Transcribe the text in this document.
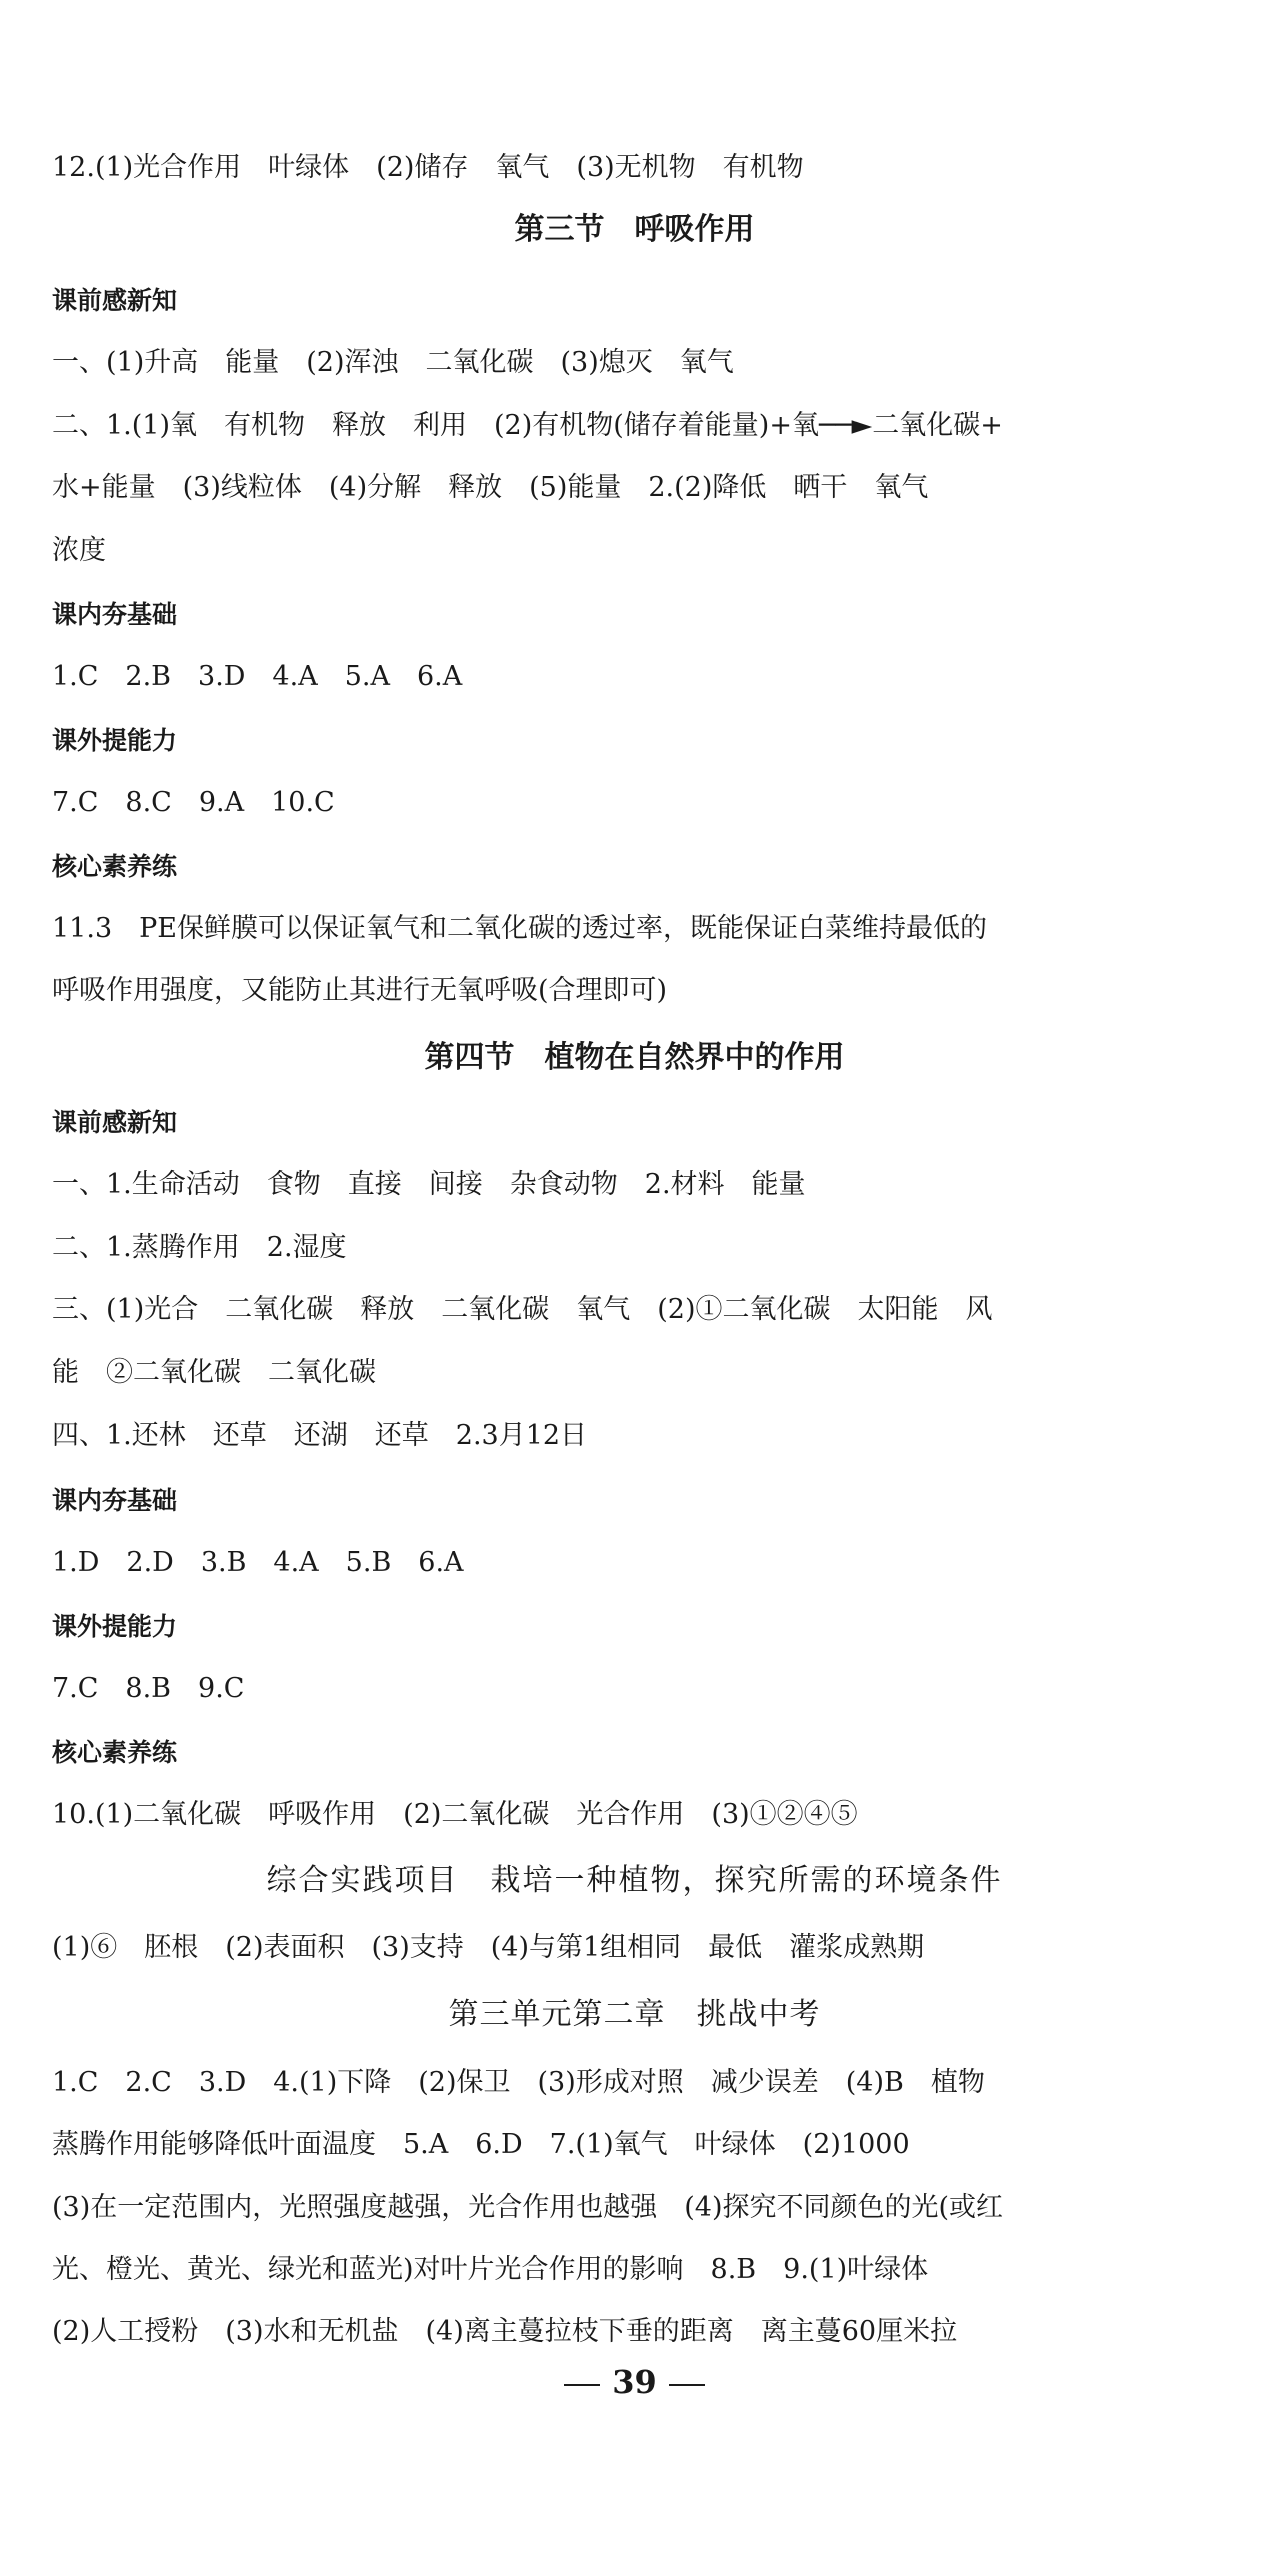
12.(1)光合作用　叶绿体　(2)储存　氧气　(3)无机物　有机物
第三节　呼吸作用
课前感新知
一、(1)升高　能量　(2)浑浊　二氧化碳　(3)熄灭　氧气
二、1.(1)氧　有机物　释放　利用　(2)有机物(储存着能量)+氧──►二氧化碳+
水+能量　(3)线粒体　(4)分解　释放　(5)能量　2.(2)降低　晒干　氧气
浓度
课内夯基础
1.C　2.B　3.D　4.A　5.A　6.A
课外提能力
7.C　8.C　9.A　10.C
核心素养练
11.3　PE保鲜膜可以保证氧气和二氧化碳的透过率，既能保证白菜维持最低的
呼吸作用强度，又能防止其进行无氧呼吸(合理即可)
第四节　植物在自然界中的作用
课前感新知
一、1.生命活动　食物　直接　间接　杂食动物　2.材料　能量
二、1.蒸腾作用　2.湿度
三、(1)光合　二氧化碳　释放　二氧化碳　氧气　(2)①二氧化碳　太阳能　风
能　②二氧化碳　二氧化碳
四、1.还林　还草　还湖　还草　2.3月12日
课内夯基础
1.D　2.D　3.B　4.A　5.B　6.A
课外提能力
7.C　8.B　9.C
核心素养练
10.(1)二氧化碳　呼吸作用　(2)二氧化碳　光合作用　(3)①②④⑤
综合实践项目　栽培一种植物，探究所需的环境条件
(1)⑥　胚根　(2)表面积　(3)支持　(4)与第1组相同　最低　灌浆成熟期
第三单元第二章　挑战中考
1.C　2.C　3.D　4.(1)下降　(2)保卫　(3)形成对照　减少误差　(4)B　植物
蒸腾作用能够降低叶面温度　5.A　6.D　7.(1)氧气　叶绿体　(2)1000
(3)在一定范围内，光照强度越强，光合作用也越强　(4)探究不同颜色的光(或红
光、橙光、黄光、绿光和蓝光)对叶片光合作用的影响　8.B　9.(1)叶绿体
(2)人工授粉　(3)水和无机盐　(4)离主蔓拉枝下垂的距离　离主蔓60厘米拉
39
